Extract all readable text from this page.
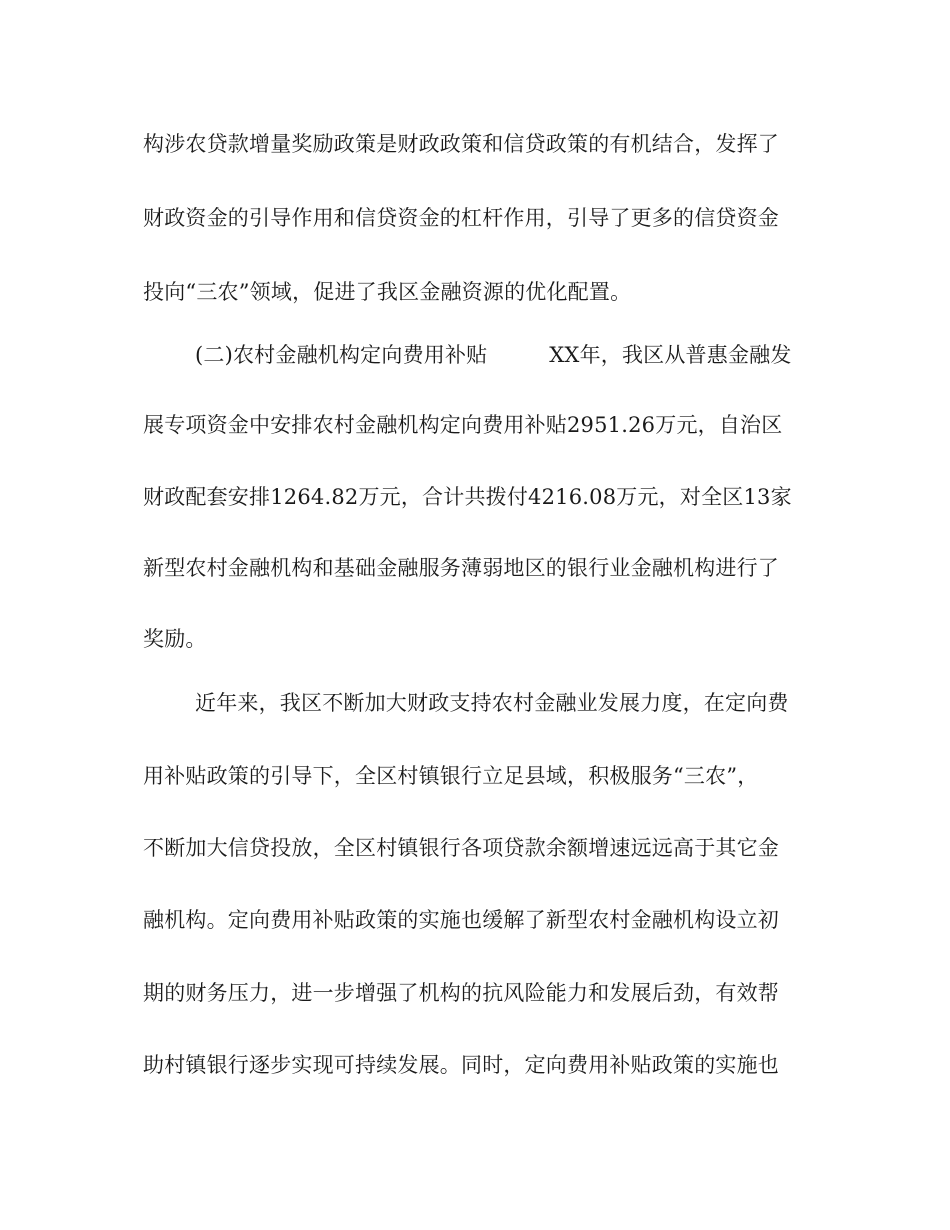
构涉农贷款增量奖励政策是财政政策和信贷政策的有机结合，发挥了
财政资金的引导作用和信贷资金的杠杆作用，引导了更多的信贷资金
投向“三农”领域，促进了我区金融资源的优化配置。
(二)农村金融机构定向费用补贴         XX年，我区从普惠金融发
展专项资金中安排农村金融机构定向费用补贴2951.26万元，自治区
财政配套安排1264.82万元，合计共拨付4216.08万元，对全区13家
新型农村金融机构和基础金融服务薄弱地区的银行业金融机构进行了
奖励。
近年来，我区不断加大财政支持农村金融业发展力度，在定向费
用补贴政策的引导下，全区村镇银行立足县域，积极服务“三农”，
不断加大信贷投放，全区村镇银行各项贷款余额增速远远高于其它金
融机构。定向费用补贴政策的实施也缓解了新型农村金融机构设立初
期的财务压力，进一步增强了机构的抗风险能力和发展后劲，有效帮
助村镇银行逐步实现可持续发展。同时，定向费用补贴政策的实施也
